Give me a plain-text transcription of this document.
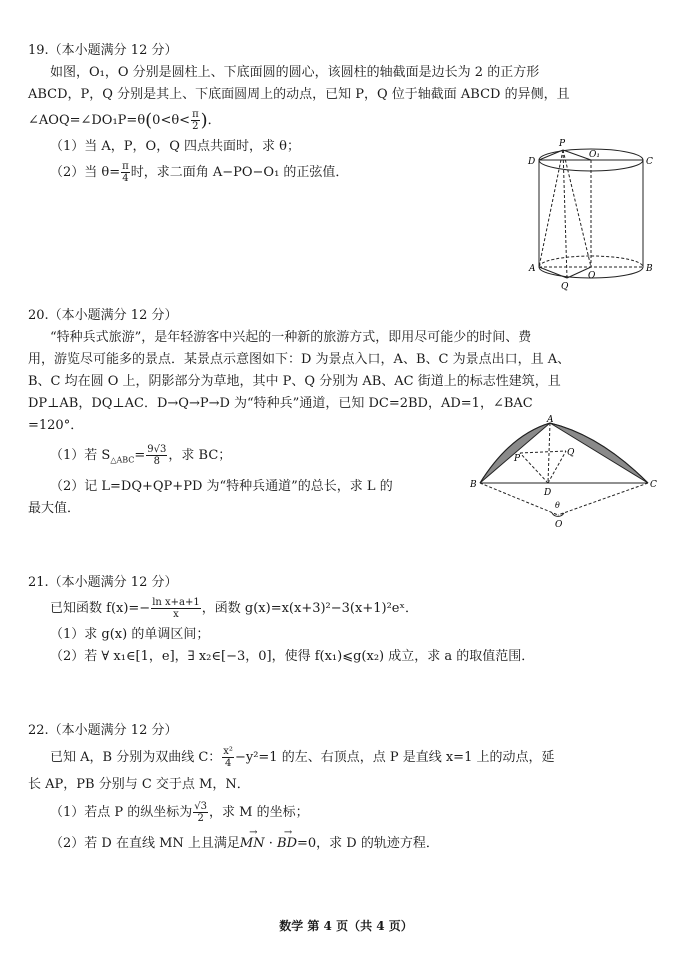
19.（本小题满分 12 分）
如图，O₁，O 分别是圆柱上、下底面圆的圆心，该圆柱的轴截面是边长为 2 的正方形
ABCD，P，Q 分别是其上、下底面圆周上的动点，已知 P，Q 位于轴截面 ABCD 的异侧，且
∠AOQ=∠DO₁P=θ(0<θ< $\frac{\pi}{2}$ )．
（1）当 A，P，O，Q 四点共面时，求 θ；
（2）当 $\theta= \frac{\pi}{4}$ 时，求二面角 A−PO−O₁ 的正弦值．
P
O₁
D	C
A
O
B
Q
20.（本小题满分 12 分）
“特种兵式旅游”，是年轻游客中兴起的一种新的旅游方式，即用尽可能少的时间、费
用，游览尽可能多的景点．某景点示意图如下：D 为景点入口，A、B、C 为景点出口，且 A、
B、C 均在圆 O 上，阴影部分为草地，其中 P、Q 分别为 AB、AC 街道上的标志性建筑，且
DP⊥AB，DQ⊥AC．D→Q→P→D 为“特种兵”通道，已知 DC=2BD，AD=1，∠BAC
=120°．
（1）若 $S_{\triangle ABC}= \frac{9√3}{8}$ ，求 BC；
（2）记 L=DQ+QP+PD 为“特种兵通道”的总长，求 L 的
最大值．
A
P
Q
B
D
C
θ
O
21.（本小题满分 12 分）
已知函数 $f(x)=- \frac{\text{ln x+a+1}}{x}$ ，函数 g(x)=x(x+3)²−3(x+1)²eˣ．
（1）求 g(x) 的单调区间；
（2）若 ∀ x₁∈[1，e]，∃ x₂∈[−3，0]，使得 f(x₁)⩽g(x₂) 成立，求 a 的取值范围．
22.（本小题满分 12 分）
已知 A，B 分别为双曲线 C： $\frac{\text{x²}}{4} -y^2=1$ 的左、右顶点，点 P 是直线 x=1 上的动点，延
长 AP，PB 分别与 C 交于点 M，N．
（1）若点 P 的纵坐标为 $\frac{√3}{2}$ ，求 M 的坐标；
（2）若 D 在直线 MN 上且满足→ MN · → BD=0，求 D 的轨迹方程．
数学 第 4 页（共 4 页）
